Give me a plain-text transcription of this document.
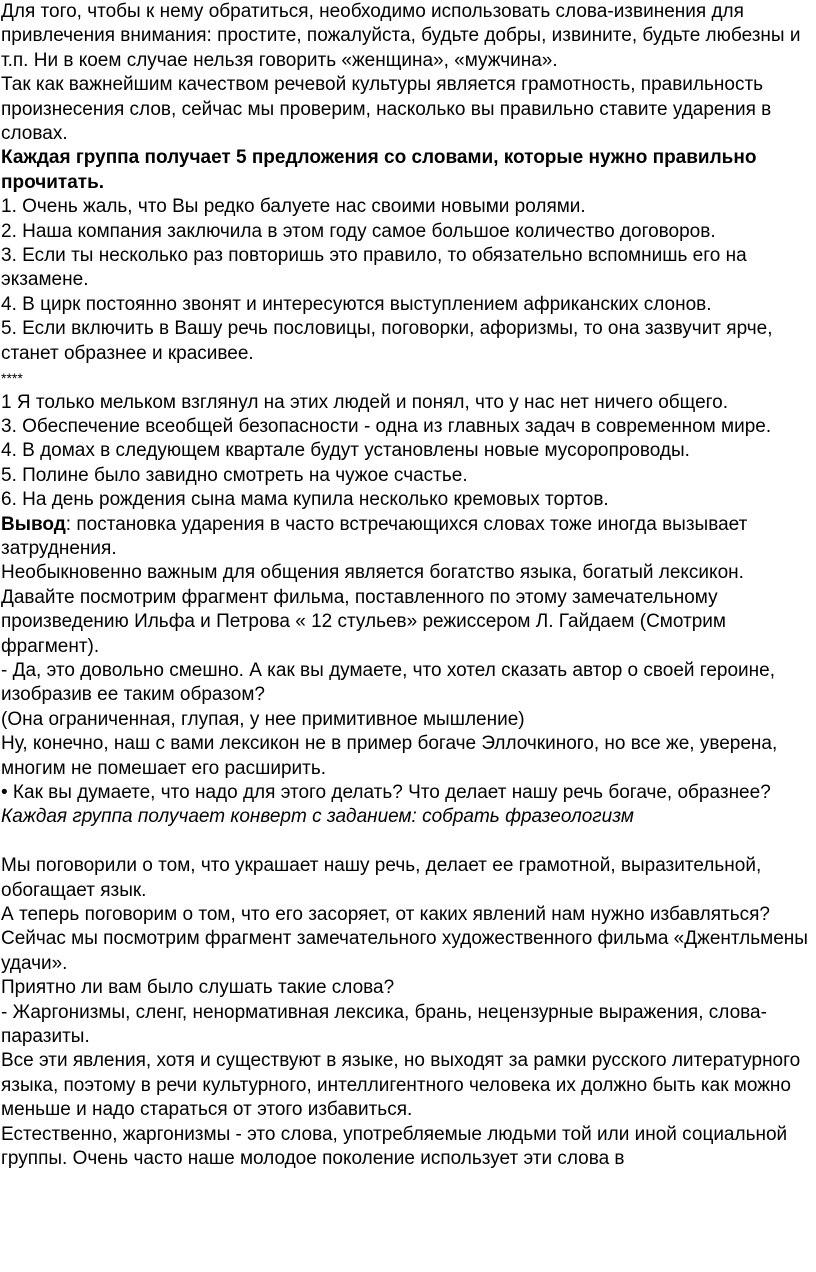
Для того, чтобы к нему обратиться, необходимо использовать слова-извинения для привлечения внимания: простите, пожалуйста, будьте добры, извините, будьте любезны и т.п. Ни в коем случае нельзя говорить «женщина», «мужчина».

Так как важнейшим качеством речевой культуры является грамотность, правильность произнесения слов, сейчас мы проверим, насколько вы правильно ставите ударения в словах.

Каждая группа получает 5 предложения со словами, которые нужно правильно прочитать.

1. Очень жаль, что Вы редко балуете нас своими новыми ролями.

2. Наша компания заключила в этом году самое большое количество договоров.

3. Если ты несколько раз повторишь это правило, то обязательно вспомнишь его на экзамене.

4. В цирк постоянно звонят и интересуются выступлением африканских слонов.

5. Если включить в Вашу речь пословицы, поговорки, афоризмы, то она зазвучит ярче, станет образнее и красивее.

****

1 Я только мельком взглянул на этих людей и понял, что у нас нет ничего общего.

3. Обеспечение всеобщей безопасности - одна из главных задач в современном мире.

4. В домах в следующем квартале будут установлены новые мусоропроводы.

5. Полине было завидно смотреть на чужое счастье.

6. На день рождения сына мама купила несколько кремовых тортов.

Вывод: постановка ударения в часто встречающихся словах тоже иногда вызывает затруднения.

Необыкновенно важным для общения является богатство языка, богатый лексикон. Давайте посмотрим фрагмент фильма, поставленного по этому замечательному произведению Ильфа и Петрова « 12 стульев» режиссером Л. Гайдаем (Смотрим фрагмент).

- Да, это довольно смешно. А как вы думаете, что хотел сказать автор о своей героине, изобразив ее таким образом?

(Она ограниченная, глупая, у нее примитивное мышление)

Ну, конечно, наш с вами лексикон не в пример богаче Эллочкиного, но все же, уверена, многим не помешает его расширить.

• Как вы думаете, что надо для этого делать? Что делает нашу речь богаче, образнее?

Каждая группа получает конверт с заданием: собрать фразеологизм

Мы поговорили о том, что украшает нашу речь, делает ее грамотной, выразительной, обогащает язык.

А теперь поговорим о том, что его засоряет, от каких явлений нам нужно избавляться?

Сейчас мы посмотрим фрагмент замечательного художественного фильма «Джентльмены удачи».

Приятно ли вам было слушать такие слова?

- Жаргонизмы, сленг, ненормативная лексика, брань, нецензурные выражения, слова-паразиты.

Все эти явления, хотя и существуют в языке, но выходят за рамки русского литературного языка, поэтому в речи культурного, интеллигентного человека их должно быть как можно меньше и надо стараться от этого избавиться.

Естественно, жаргонизмы - это слова, употребляемые людьми той или иной социальной группы. Очень часто наше молодое поколение использует эти слова в
